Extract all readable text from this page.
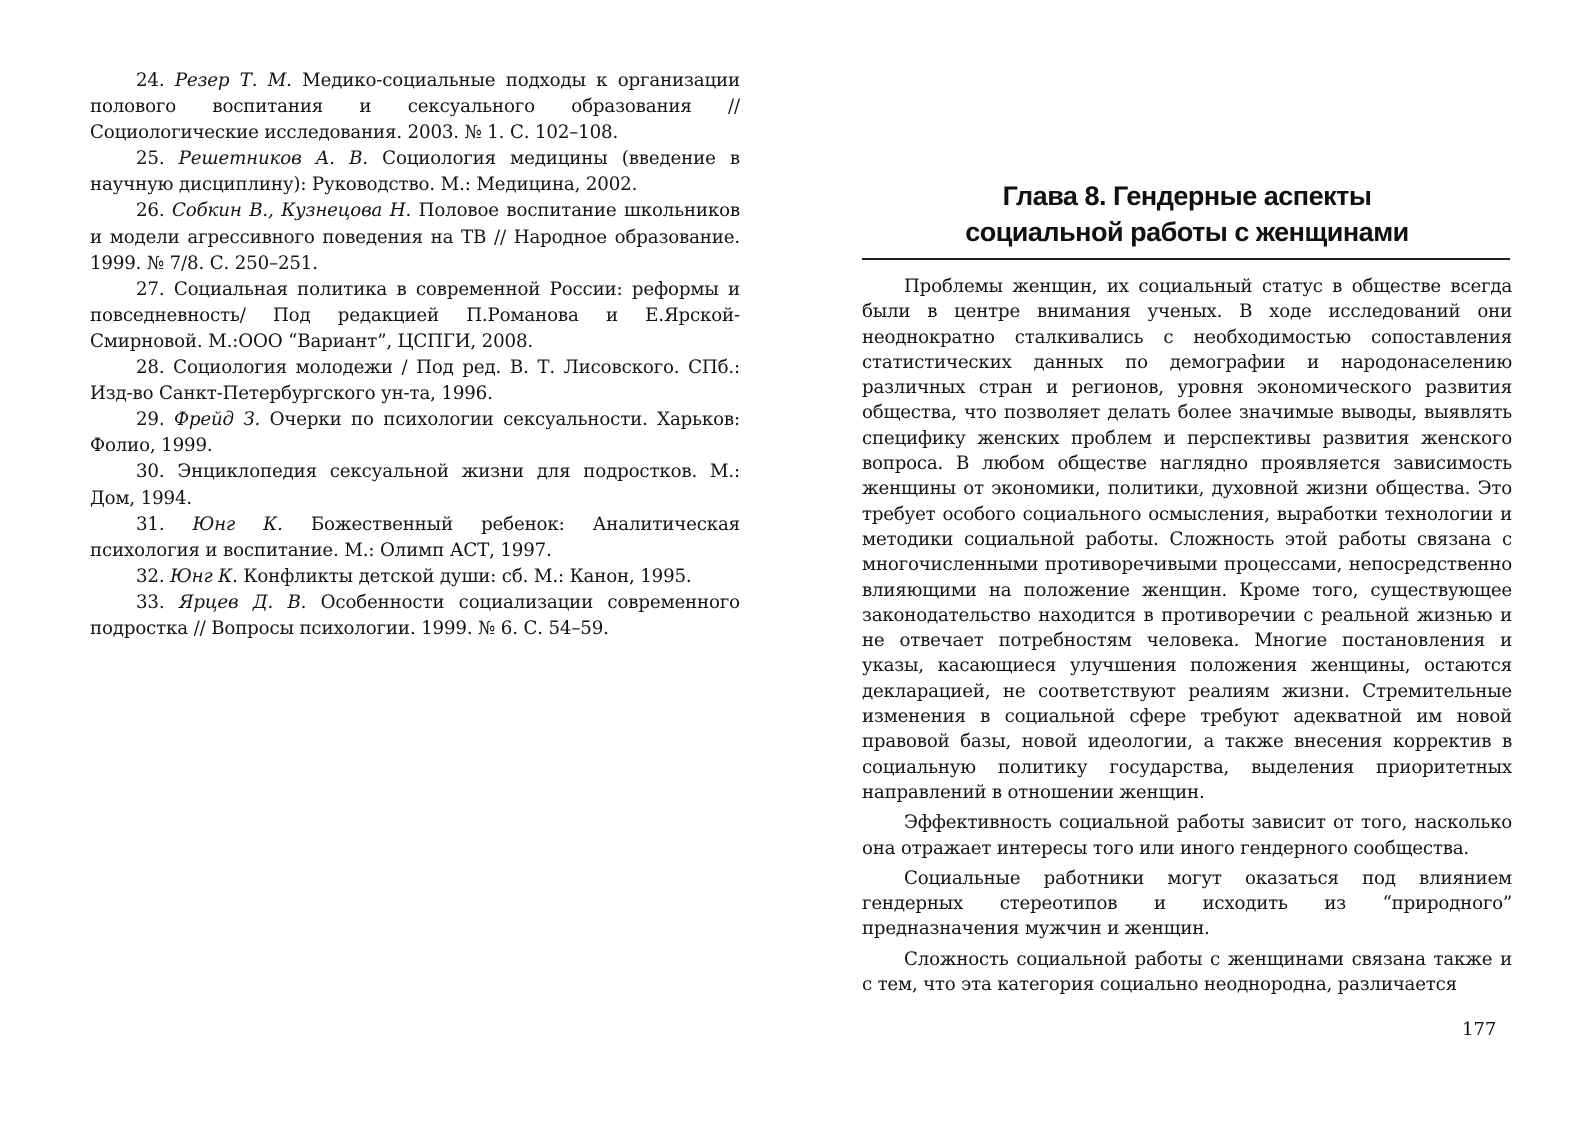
24. Резер Т. М. Медико-социальные подходы к организации полового воспитания и сексуального образования // Социологические исследования. 2003. № 1. С. 102–108.

25. Решетников А. В. Социология медицины (введение в научную дисциплину): Руководство. М.: Медицина, 2002.

26. Собкин В., Кузнецова Н. Половое воспитание школьников и модели агрессивного поведения на ТВ // Народное образование. 1999. № 7/8. С. 250–251.

27. Социальная политика в современной России: реформы и повседневность/ Под редакцией П.Романова и Е.Ярской-Смирновой. М.:ООО “Вариант”, ЦСПГИ, 2008.

28. Социология молодежи / Под ред. В. Т. Лисовского. СПб.: Изд-во Санкт-Петербургского ун-та, 1996.

29. Фрейд З. Очерки по психологии сексуальности. Харьков: Фолио, 1999.

30. Энциклопедия сексуальной жизни для подростков. М.: Дом, 1994.

31. Юнг К. Божественный ребенок: Аналитическая психология и воспитание. М.: Олимп АСТ, 1997.

32. Юнг К. Конфликты детской души: сб. М.: Канон, 1995.

33. Ярцев Д. В. Особенности социализации современного подростка // Вопросы психологии. 1999. № 6. С. 54–59.

Глава 8. Гендерные аспекты
социальной работы с женщинами

Проблемы женщин, их социальный статус в обществе всегда были в центре внимания ученых. В ходе исследований они неоднократно сталкивались с необходимостью сопоставления статистических данных по демографии и народонаселению различных стран и регионов, уровня экономического развития общества, что позволяет делать более значимые выводы, выявлять специфику женских проблем и перспективы развития женского вопроса. В любом обществе наглядно проявляется зависимость женщины от экономики, политики, духовной жизни общества. Это требует особого социального осмысления, выработки технологии и методики социальной работы. Сложность этой работы связана с многочисленными противоречивыми процессами, непосредственно влияющими на положение женщин. Кроме того, существующее законодательство находится в противоречии с реальной жизнью и не отвечает потребностям человека. Многие постановления и указы, касающиеся улучшения положения женщины, остаются декларацией, не соответствуют реалиям жизни. Стремительные изменения в социальной сфере требуют адекватной им новой правовой базы, новой идеологии, а также внесения корректив в социальную политику государства, выделения приоритетных направлений в отношении женщин.

Эффективность социальной работы зависит от того, насколько она отражает интересы того или иного гендерного сообщества.

Социальные работники могут оказаться под влиянием гендерных стереотипов и исходить из “природного” предназначения мужчин и женщин.

Сложность социальной работы с женщинами связана также и с тем, что эта категория социально неоднородна, различается

177
